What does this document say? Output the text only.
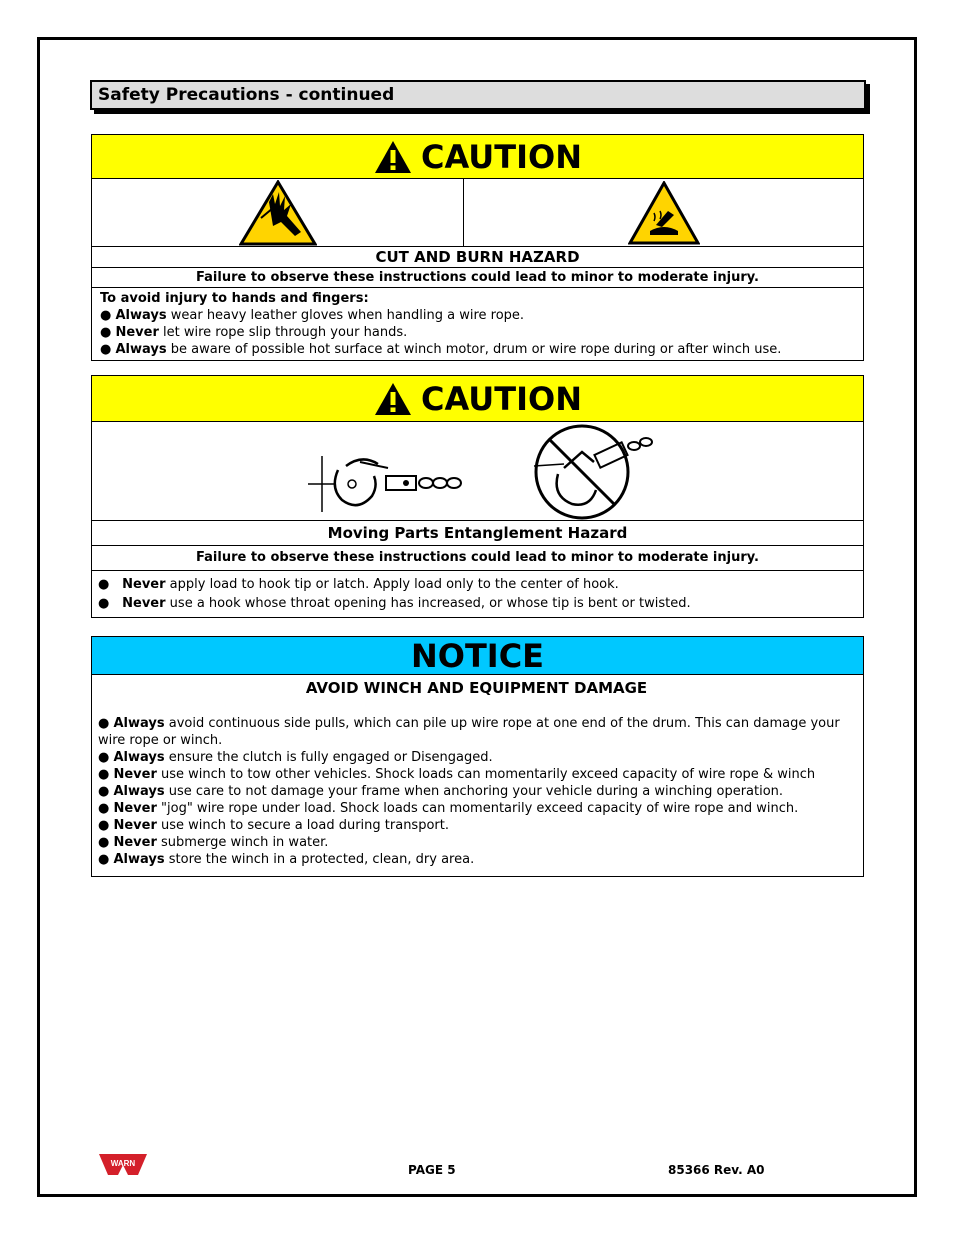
Safety Precautions - continued
CAUTION
CUT AND BURN HAZARD
Failure to observe these instructions could lead to minor to moderate injury.
To avoid injury to hands and fingers:
● Always wear heavy leather gloves when handling a wire rope.
● Never let wire rope slip through your hands.
● Always be aware of possible hot surface at winch motor, drum or wire rope during or after winch use.
CAUTION
Moving Parts Entanglement Hazard
Failure to observe these instructions could lead to minor to moderate injury.
● Never apply load to hook tip or latch. Apply load only to the center of hook.
● Never use a hook whose throat opening has increased, or whose tip is bent or twisted.
NOTICE
AVOID WINCH AND EQUIPMENT DAMAGE
● Always avoid continuous side pulls, which can pile up wire rope at one end of the drum. This can damage your wire rope or winch.
● Always ensure the clutch is fully engaged or Disengaged.
● Never use winch to tow other vehicles. Shock loads can momentarily exceed capacity of wire rope & winch
● Always use care to not damage your frame when anchoring your vehicle during a winching operation.
● Never "jog" wire rope under load. Shock loads can momentarily exceed capacity of wire rope and winch.
● Never use winch to secure a load during transport.
● Never submerge winch in water.
● Always store the winch in a protected, clean, dry area.
WARN	PAGE 5	85366 Rev. A0
